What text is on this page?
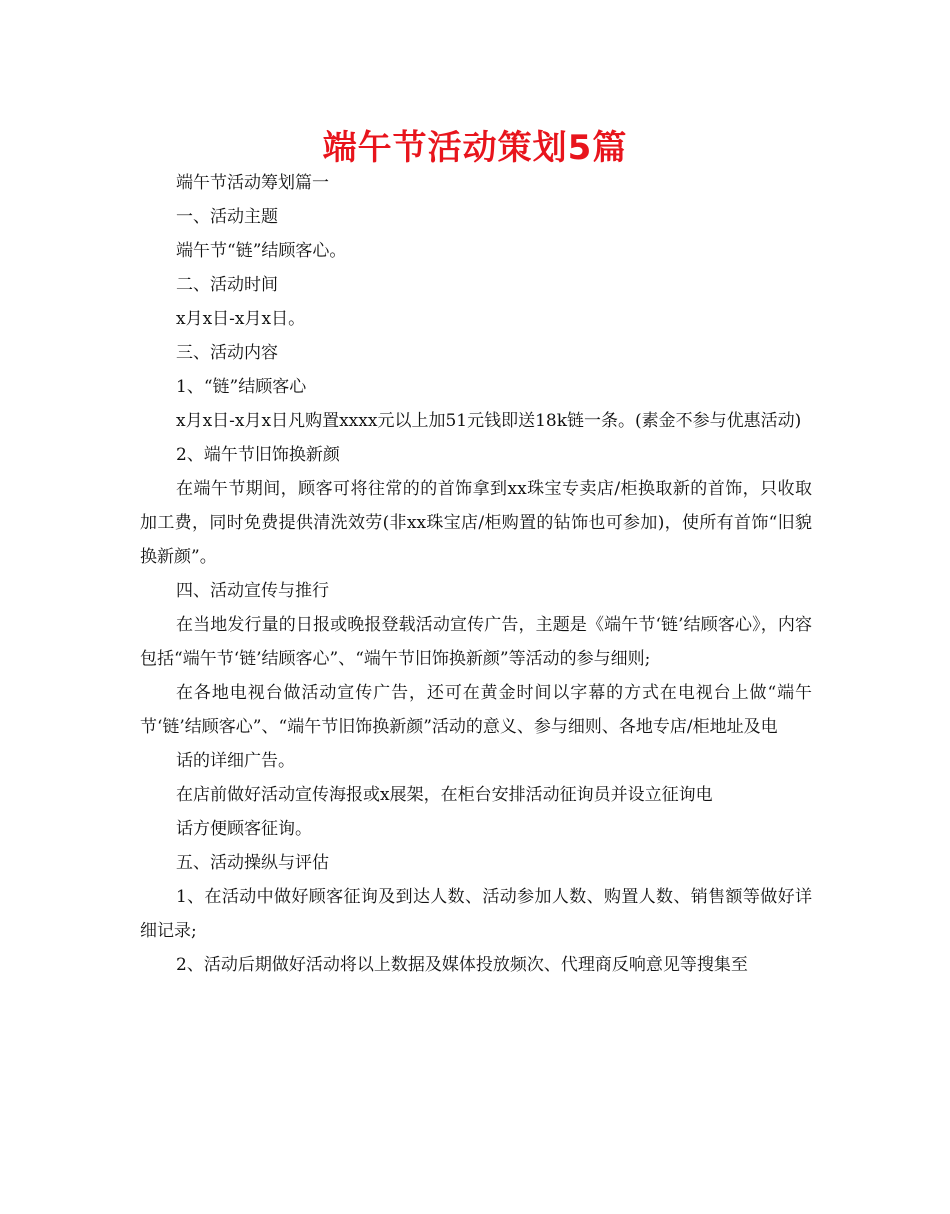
端午节活动策划5篇

端午节活动筹划篇一

一、活动主题

端午节“链”结顾客心。

二、活动时间

x月x日-x月x日。

三、活动内容

1、“链”结顾客心

x月x日-x月x日凡购置xxxx元以上加51元钱即送18k链一条。(素金不参与优惠活动)

2、端午节旧饰换新颜

在端午节期间，顾客可将往常的的首饰拿到xx珠宝专卖店/柜换取新的首饰，只收取加工费，同时免费提供清洗效劳(非xx珠宝店/柜购置的钻饰也可参加)，使所有首饰“旧貌换新颜”。

四、活动宣传与推行

在当地发行量的日报或晚报登载活动宣传广告，主题是《端午节‘链’结顾客心》，内容包括“端午节‘链’结顾客心”、“端午节旧饰换新颜”等活动的参与细则;

在各地电视台做活动宣传广告，还可在黄金时间以字幕的方式在电视台上做“端午节‘链’结顾客心”、“端午节旧饰换新颜”活动的意义、参与细则、各地专店/柜地址及电

话的详细广告。

在店前做好活动宣传海报或x展架，在柜台安排活动征询员并设立征询电

话方便顾客征询。

五、活动操纵与评估

1、在活动中做好顾客征询及到达人数、活动参加人数、购置人数、销售额等做好详细记录;

2、活动后期做好活动将以上数据及媒体投放频次、代理商反响意见等搜集至
